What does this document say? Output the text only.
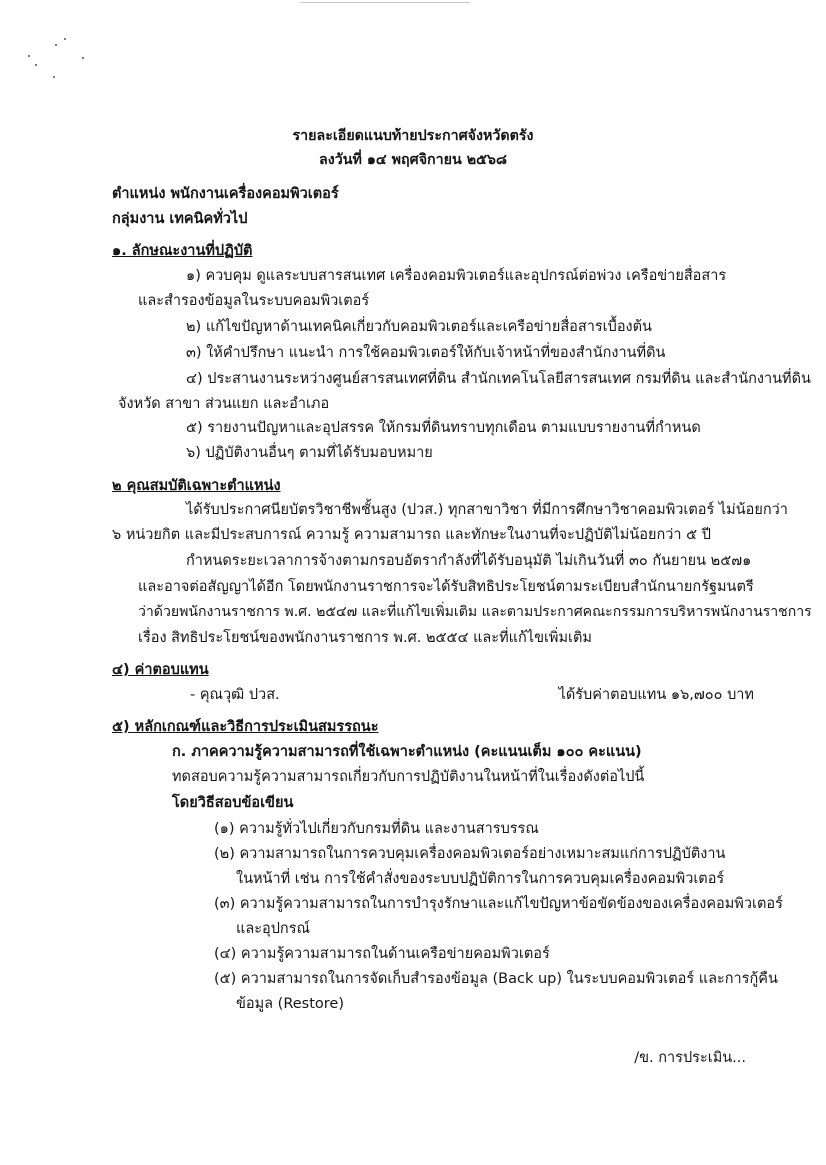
รายละเอียดแนบท้ายประกาศจังหวัดตรัง
ลงวันที่ ๑๔ พฤศจิกายน ๒๕๖๘
ตำแหน่ง พนักงานเครื่องคอมพิวเตอร์
กลุ่มงาน เทคนิคทั่วไป
๑. ลักษณะงานที่ปฏิบัติ
๑) ควบคุม ดูแลระบบสารสนเทศ เครื่องคอมพิวเตอร์และอุปกรณ์ต่อพ่วง เครือข่ายสื่อสาร
และสำรองข้อมูลในระบบคอมพิวเตอร์
๒) แก้ไขปัญหาด้านเทคนิคเกี่ยวกับคอมพิวเตอร์และเครือข่ายสื่อสารเบื้องต้น
๓) ให้คำปรึกษา แนะนำ การใช้คอมพิวเตอร์ให้กับเจ้าหน้าที่ของสำนักงานที่ดิน
๔) ประสานงานระหว่างศูนย์สารสนเทศที่ดิน สำนักเทคโนโลยีสารสนเทศ กรมที่ดิน และสำนักงานที่ดิน
จังหวัด สาขา ส่วนแยก และอำเภอ
๕) รายงานปัญหาและอุปสรรค ให้กรมที่ดินทราบทุกเดือน ตามแบบรายงานที่กำหนด
๖) ปฏิบัติงานอื่นๆ ตามที่ได้รับมอบหมาย
๒ คุณสมบัติเฉพาะตำแหน่ง
ได้รับประกาศนียบัตรวิชาชีพชั้นสูง (ปวส.) ทุกสาขาวิชา ที่มีการศึกษาวิชาคอมพิวเตอร์ ไม่น้อยกว่า
๖ หน่วยกิต และมีประสบการณ์ ความรู้ ความสามารถ และทักษะในงานที่จะปฏิบัติไม่น้อยกว่า ๕ ปี
กำหนดระยะเวลาการจ้างตามกรอบอัตรากำลังที่ได้รับอนุมัติ ไม่เกินวันที่ ๓๐ กันยายน ๒๕๗๑
และอาจต่อสัญญาได้อีก โดยพนักงานราชการจะได้รับสิทธิประโยชน์ตามระเบียบสำนักนายกรัฐมนตรี
ว่าด้วยพนักงานราชการ พ.ศ. ๒๕๔๗ และที่แก้ไขเพิ่มเติม และตามประกาศคณะกรรมการบริหารพนักงานราชการ
เรื่อง สิทธิประโยชน์ของพนักงานราชการ พ.ศ. ๒๕๕๔ และที่แก้ไขเพิ่มเติม
๔) ค่าตอบแทน
- คุณวุฒิ ปวส.	ได้รับค่าตอบแทน ๑๖,๗๐๐ บาท
๕) หลักเกณฑ์และวิธีการประเมินสมรรถนะ
ก. ภาคความรู้ความสามารถที่ใช้เฉพาะตำแหน่ง (คะแนนเต็ม ๑๐๐ คะแนน)
ทดสอบความรู้ความสามารถเกี่ยวกับการปฏิบัติงานในหน้าที่ในเรื่องดังต่อไปนี้
โดยวิธีสอบข้อเขียน
(๑) ความรู้ทั่วไปเกี่ยวกับกรมที่ดิน และงานสารบรรณ
(๒) ความสามารถในการควบคุมเครื่องคอมพิวเตอร์อย่างเหมาะสมแก่การปฏิบัติงาน
ในหน้าที่ เช่น การใช้คำสั่งของระบบปฏิบัติการในการควบคุมเครื่องคอมพิวเตอร์
(๓) ความรู้ความสามารถในการบำรุงรักษาและแก้ไขปัญหาข้อขัดข้องของเครื่องคอมพิวเตอร์
และอุปกรณ์
(๔) ความรู้ความสามารถในด้านเครือข่ายคอมพิวเตอร์
(๕) ความสามารถในการจัดเก็บสำรองข้อมูล (Back up) ในระบบคอมพิวเตอร์ และการกู้คืน
ข้อมูล (Restore)
/ข. การประเมิน...
